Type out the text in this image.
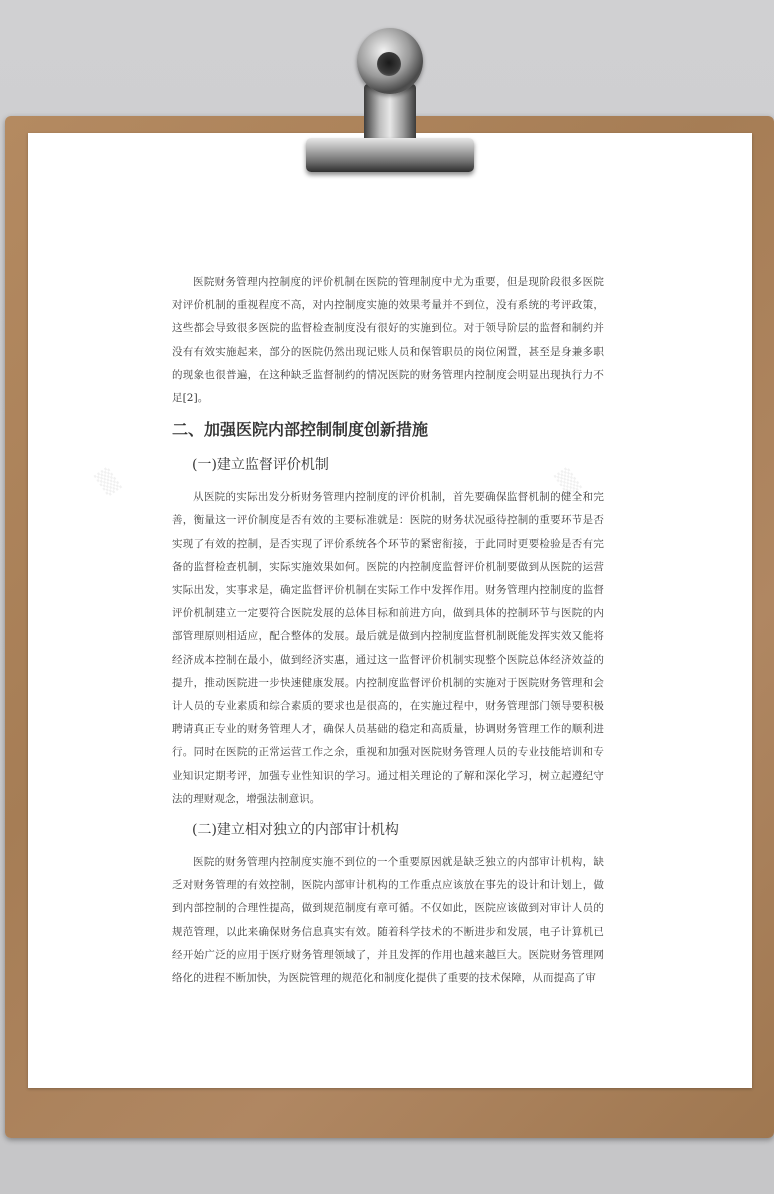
医院财务管理内控制度的评价机制在医院的管理制度中尤为重要，但是现阶段很多医院对评价机制的重视程度不高，对内控制度实施的效果考量并不到位，没有系统的考评政策，这些都会导致很多医院的监督检查制度没有很好的实施到位。对于领导阶层的监督和制约并没有有效实施起来，部分的医院仍然出现记账人员和保管职员的岗位闲置，甚至是身兼多职的现象也很普遍，在这种缺乏监督制约的情况医院的财务管理内控制度会明显出现执行力不足[2]。

二、加强医院内部控制制度创新措施
(一)建立监督评价机制

从医院的实际出发分析财务管理内控制度的评价机制，首先要确保监督机制的健全和完善，衡量这一评价制度是否有效的主要标准就是：医院的财务状况亟待控制的重要环节是否实现了有效的控制，是否实现了评价系统各个环节的紧密衔接，于此同时更要检验是否有完备的监督检查机制，实际实施效果如何。医院的内控制度监督评价机制要做到从医院的运营实际出发，实事求是，确定监督评价机制在实际工作中发挥作用。财务管理内控制度的监督评价机制建立一定要符合医院发展的总体目标和前进方向，做到具体的控制环节与医院的内部管理原则相适应，配合整体的发展。最后就是做到内控制度监督机制既能发挥实效又能将经济成本控制在最小，做到经济实惠，通过这一监督评价机制实现整个医院总体经济效益的提升，推动医院进一步快速健康发展。内控制度监督评价机制的实施对于医院财务管理和会计人员的专业素质和综合素质的要求也是很高的，在实施过程中，财务管理部门领导要积极聘请真正专业的财务管理人才，确保人员基础的稳定和高质量，协调财务管理工作的顺利进行。同时在医院的正常运营工作之余，重视和加强对医院财务管理人员的专业技能培训和专业知识定期考评，加强专业性知识的学习。通过相关理论的了解和深化学习，树立起遵纪守法的理财观念，增强法制意识。

(二)建立相对独立的内部审计机构

医院的财务管理内控制度实施不到位的一个重要原因就是缺乏独立的内部审计机构，缺乏对财务管理的有效控制，医院内部审计机构的工作重点应该放在事先的设计和计划上，做到内部控制的合理性提高，做到规范制度有章可循。不仅如此，医院应该做到对审计人员的规范管理，以此来确保财务信息真实有效。随着科学技术的不断进步和发展，电子计算机已经开始广泛的应用于医疗财务管理领域了，并且发挥的作用也越来越巨大。医院财务管理网络化的进程不断加快，为医院管理的规范化和制度化提供了重要的技术保障，从而提高了审
